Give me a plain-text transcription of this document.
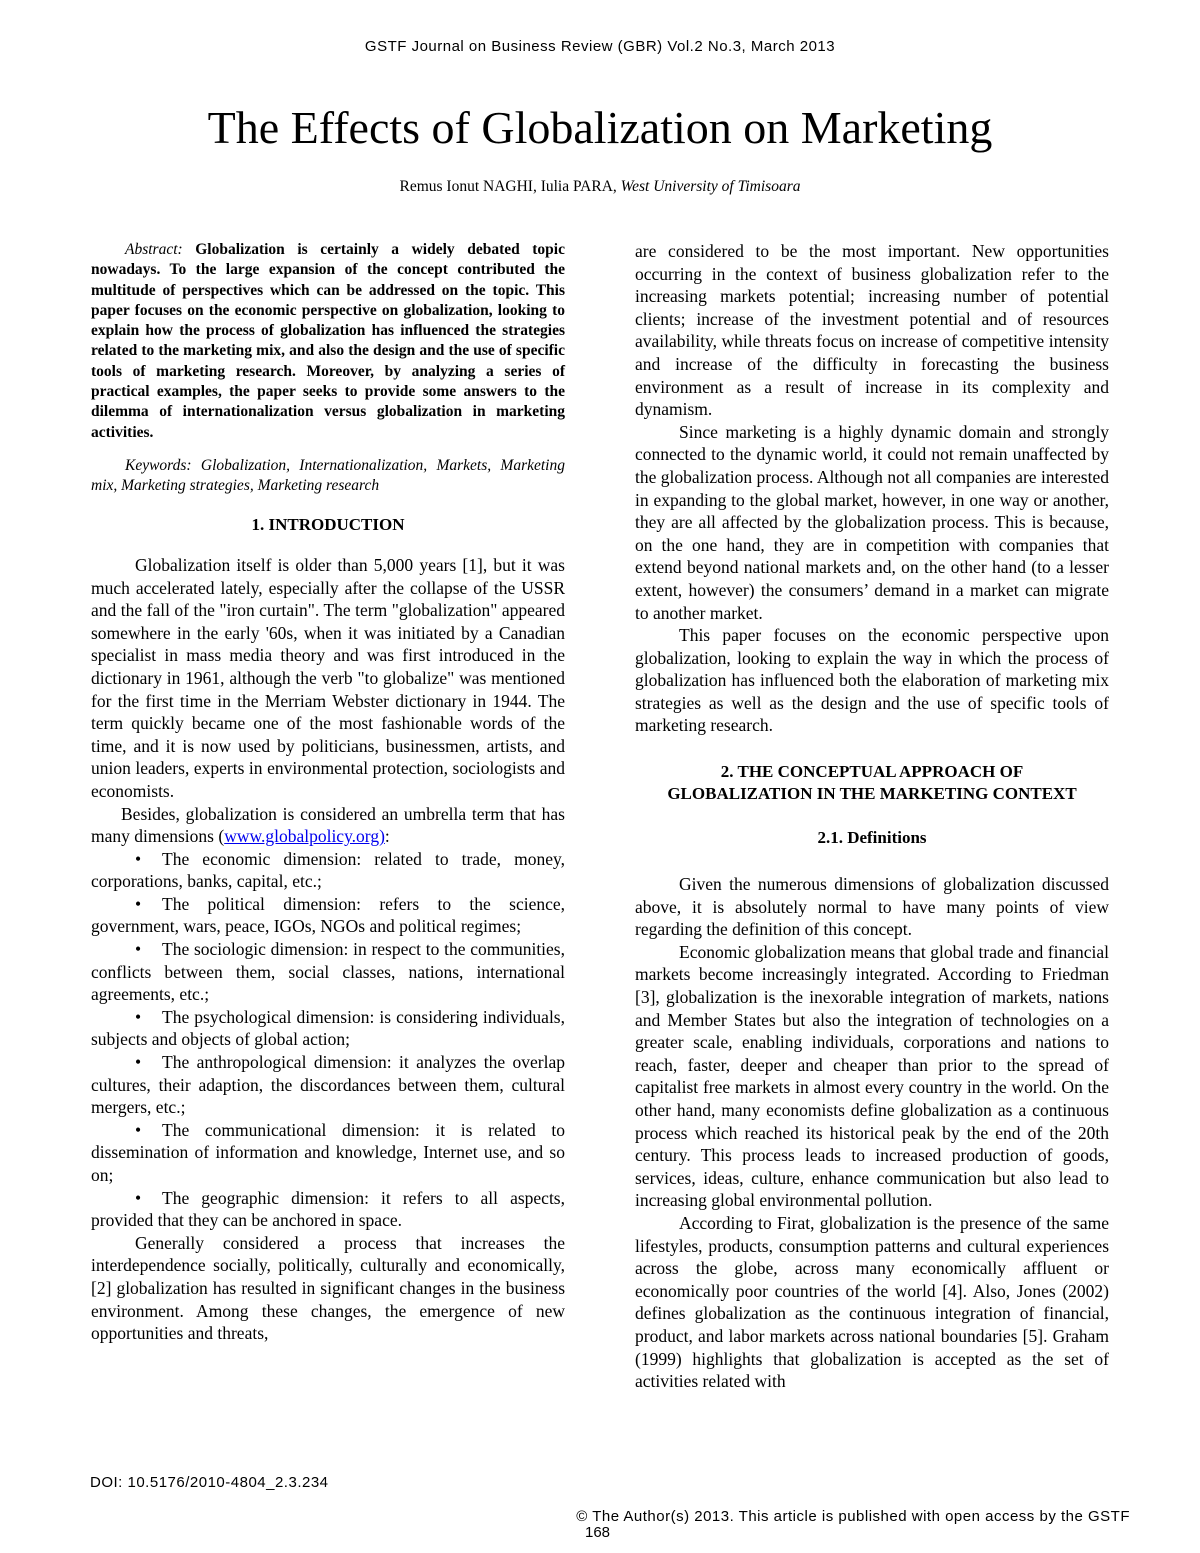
GSTF Journal on Business Review (GBR) Vol.2 No.3, March 2013
The Effects of Globalization on Marketing
Remus Ionut NAGHI, Iulia PARA, West University of Timisoara

Abstract: Globalization is certainly a widely debated topic nowadays. To the large expansion of the concept contributed the multitude of perspectives which can be addressed on the topic. This paper focuses on the economic perspective on globalization, looking to explain how the process of globalization has influenced the strategies related to the marketing mix, and also the design and the use of specific tools of marketing research. Moreover, by analyzing a series of practical examples, the paper seeks to provide some answers to the dilemma of internationalization versus globalization in marketing activities.

Keywords: Globalization, Internationalization, Markets, Marketing mix, Marketing strategies, Marketing research

1. INTRODUCTION

Globalization itself is older than 5,000 years [1], but it was much accelerated lately, especially after the collapse of the USSR and the fall of the "iron curtain". The term "globalization" appeared somewhere in the early '60s, when it was initiated by a Canadian specialist in mass media theory and was first introduced in the dictionary in 1961, although the verb "to globalize" was mentioned for the first time in the Merriam Webster dictionary in 1944. The term quickly became one of the most fashionable words of the time, and it is now used by politicians, businessmen, artists, and union leaders, experts in environmental protection, sociologists and economists.

Besides, globalization is considered an umbrella term that has many dimensions (www.globalpolicy.org):

• The economic dimension: related to trade, money, corporations, banks, capital, etc.;
• The political dimension: refers to the science, government, wars, peace, IGOs, NGOs and political regimes;
• The sociologic dimension: in respect to the communities, conflicts between them, social classes, nations, international agreements, etc.;
• The psychological dimension: is considering individuals, subjects and objects of global action;
• The anthropological dimension: it analyzes the overlap cultures, their adaption, the discordances between them, cultural mergers, etc.;
• The communicational dimension: it is related to dissemination of information and knowledge, Internet use, and so on;
• The geographic dimension: it refers to all aspects, provided that they can be anchored in space.

Generally considered a process that increases the interdependence socially, politically, culturally and economically, [2] globalization has resulted in significant changes in the business environment. Among these changes, the emergence of new opportunities and threats,

are considered to be the most important. New opportunities occurring in the context of business globalization refer to the increasing markets potential; increasing number of potential clients; increase of the investment potential and of resources availability, while threats focus on increase of competitive intensity and increase of the difficulty in forecasting the business environment as a result of increase in its complexity and dynamism.

Since marketing is a highly dynamic domain and strongly connected to the dynamic world, it could not remain unaffected by the globalization process. Although not all companies are interested in expanding to the global market, however, in one way or another, they are all affected by the globalization process. This is because, on the one hand, they are in competition with companies that extend beyond national markets and, on the other hand (to a lesser extent, however) the consumers’ demand in a market can migrate to another market.

This paper focuses on the economic perspective upon globalization, looking to explain the way in which the process of globalization has influenced both the elaboration of marketing mix strategies as well as the design and the use of specific tools of marketing research.

2. THE CONCEPTUAL APPROACH OF
GLOBALIZATION IN THE MARKETING CONTEXT
2.1. Definitions

Given the numerous dimensions of globalization discussed above, it is absolutely normal to have many points of view regarding the definition of this concept.

Economic globalization means that global trade and financial markets become increasingly integrated. According to Friedman [3], globalization is the inexorable integration of markets, nations and Member States but also the integration of technologies on a greater scale, enabling individuals, corporations and nations to reach, faster, deeper and cheaper than prior to the spread of capitalist free markets in almost every country in the world. On the other hand, many economists define globalization as a continuous process which reached its historical peak by the end of the 20th century. This process leads to increased production of goods, services, ideas, culture, enhance communication but also lead to increasing global environmental pollution.

According to Firat, globalization is the presence of the same lifestyles, products, consumption patterns and cultural experiences across the globe, across many economically affluent or economically poor countries of the world [4]. Also, Jones (2002) defines globalization as the continuous integration of financial, product, and labor markets across national boundaries [5]. Graham (1999) highlights that globalization is accepted as the set of activities related with

DOI: 10.5176/2010-4804_2.3.234
© The Author(s) 2013. This article is published with open access by the GSTF
168
